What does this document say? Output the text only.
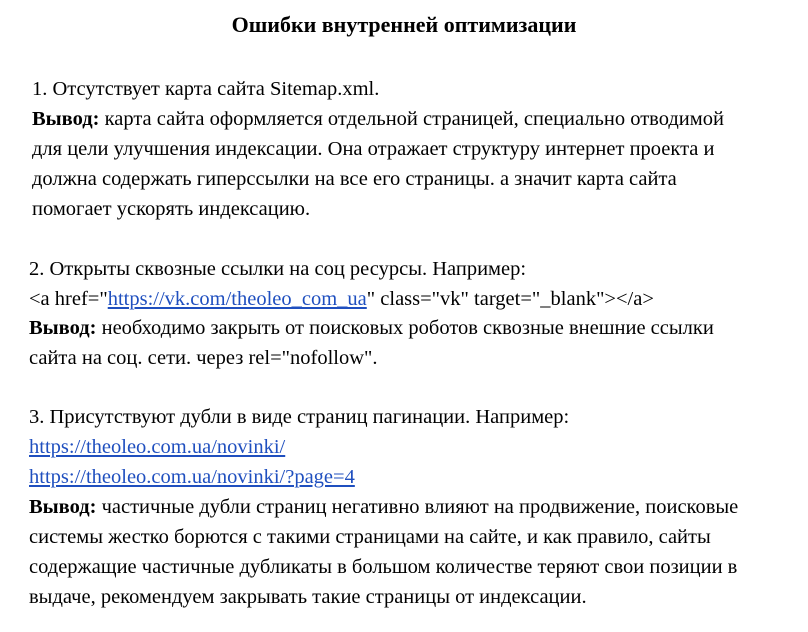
Ошибки внутренней оптимизации
1. Отсутствует карта сайта Sitemap.xml.
Вывод: карта сайта оформляется отдельной страницей, специально отводимой
для цели улучшения индексации. Она отражает структуру интернет проекта и
должна содержать гиперссылки на все его страницы. а значит карта сайта
помогает ускорять индексацию.
2. Открыты сквозные ссылки на соц ресурсы. Например:
<a href="https://vk.com/theoleo_com_ua" class="vk" target="_blank"></a>
Вывод: необходимо закрыть от поисковых роботов сквозные внешние ссылки
сайта на соц. сети. через rel="nofollow".
3. Присутствуют дубли в виде страниц пагинации. Например:
https://theoleo.com.ua/novinki/
https://theoleo.com.ua/novinki/?page=4
Вывод: частичные дубли страниц негативно влияют на продвижение, поисковые
системы жестко борются с такими страницами на сайте, и как правило, сайты
содержащие частичные дубликаты в большом количестве теряют свои позиции в
выдаче, рекомендуем закрывать такие страницы от индексации.
